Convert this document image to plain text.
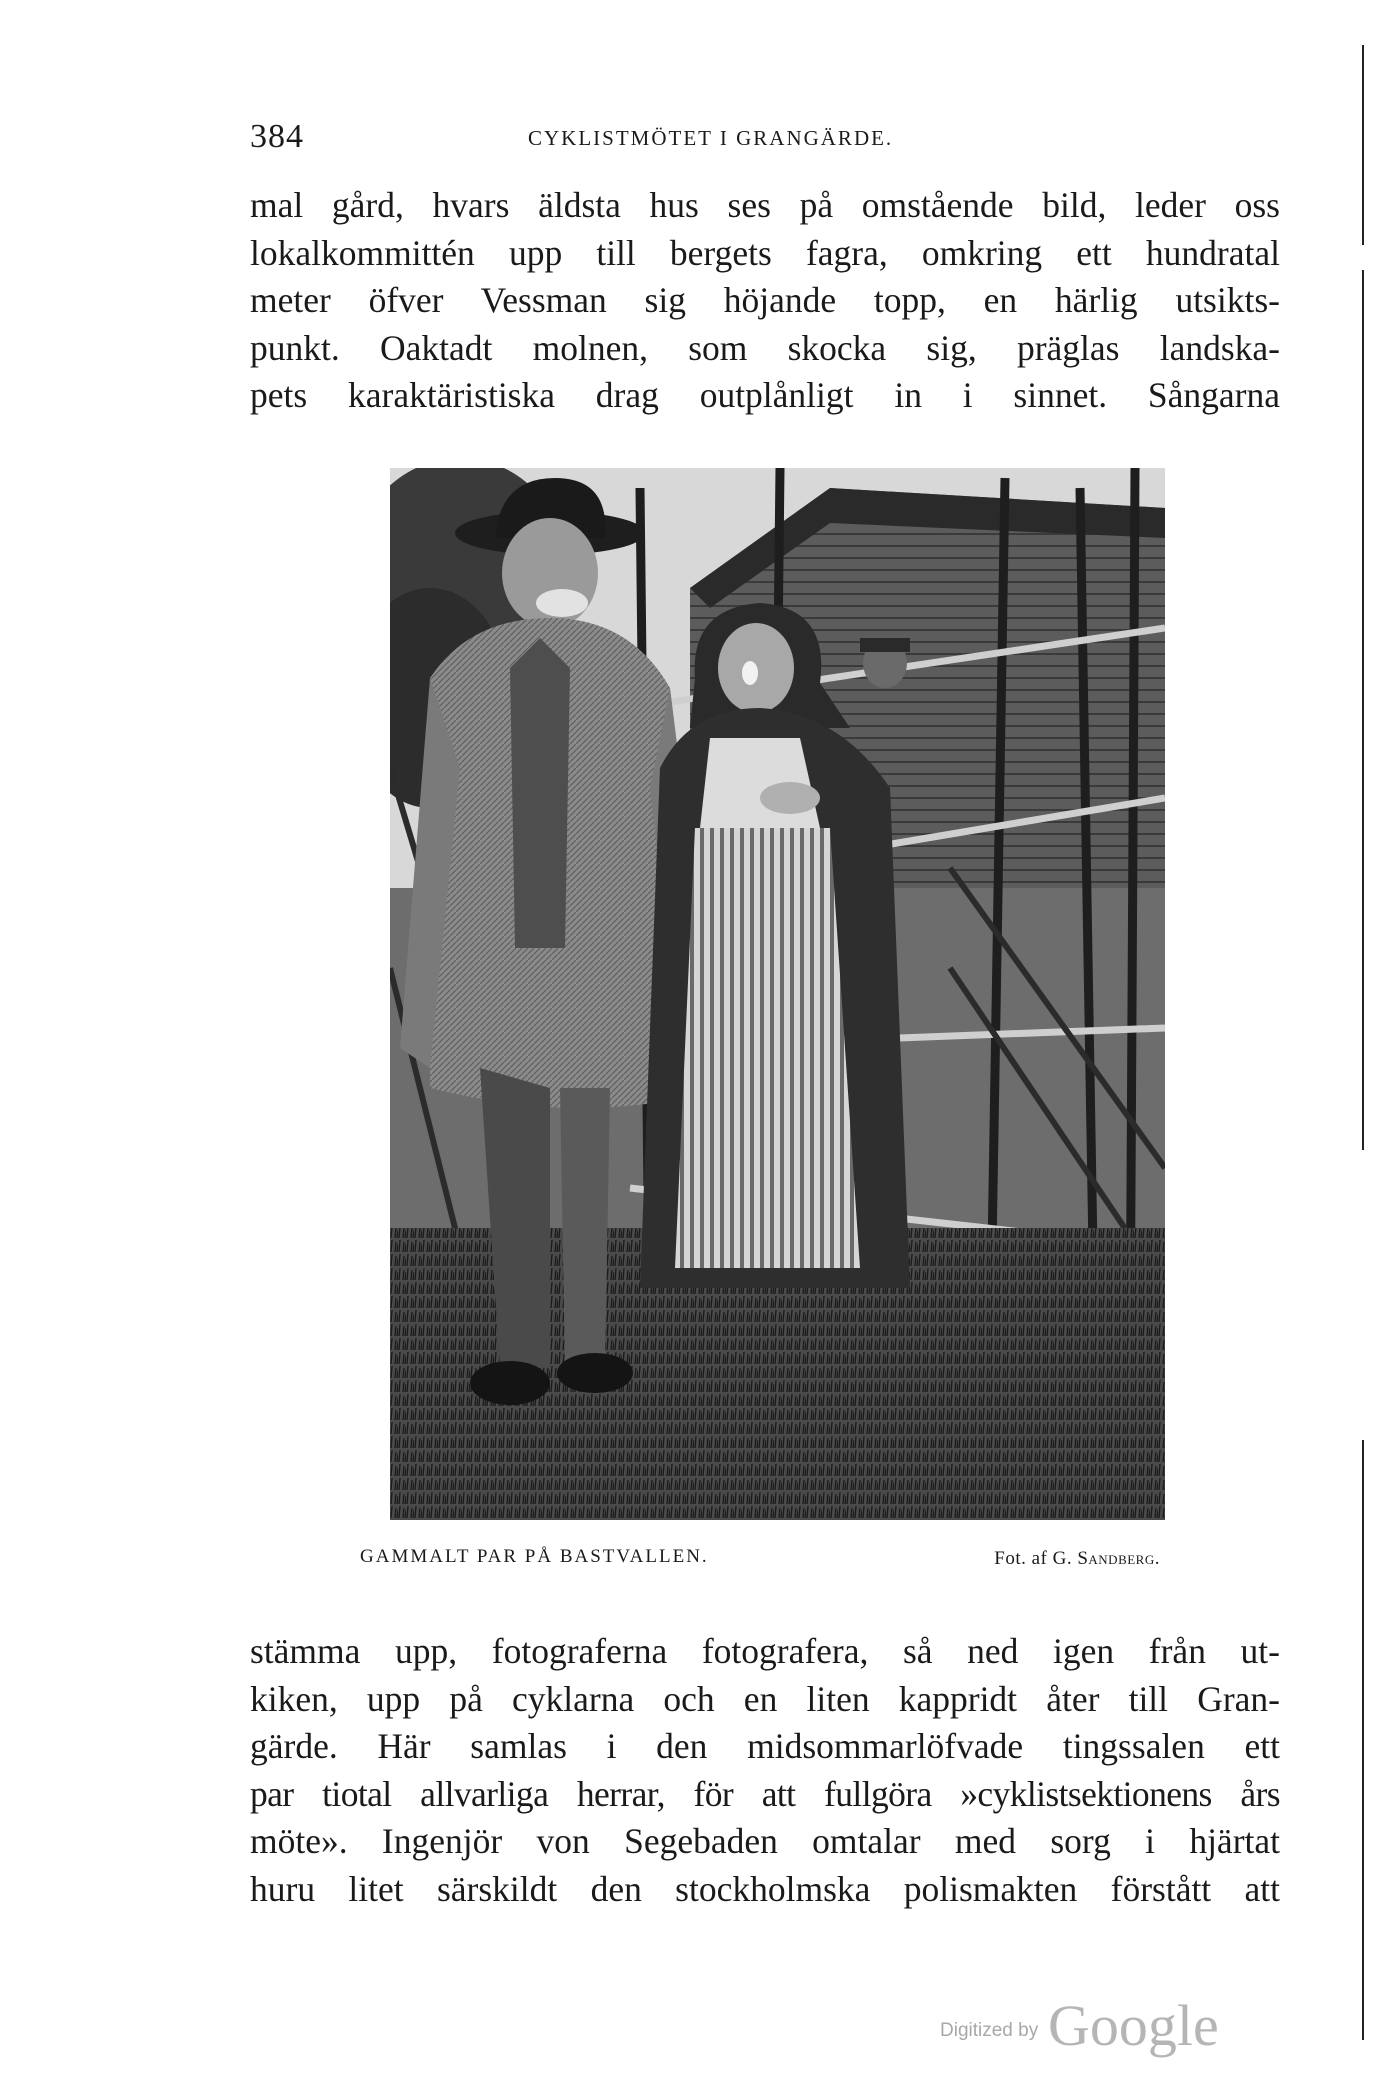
384	CYKLISTMÖTET I GRANGÄRDE.
mal gård, hvars äldsta hus ses på omstående bild, leder oss
lokalkommittén upp till bergets fagra, omkring ett hundratal
meter öfver Vessman sig höjande topp, en härlig utsikts-
punkt. Oaktadt molnen, som skocka sig, präglas landska-
pets karaktäristiska drag outplånligt in i sinnet. Sångarna
GAMMALT PAR PÅ BASTVALLEN.	Fot. af G. Sandberg.
stämma upp, fotograferna fotografera, så ned igen från ut-
kiken, upp på cyklarna och en liten kappridt åter till Gran-
gärde. Här samlas i den midsommarlöfvade tingssalen ett
par tiotal allvarliga herrar, för att fullgöra »cyklistsektionens års
möte». Ingenjör von Segebaden omtalar med sorg i hjärtat
huru litet särskildt den stockholmska polismakten förstått att
Digitized by Google
